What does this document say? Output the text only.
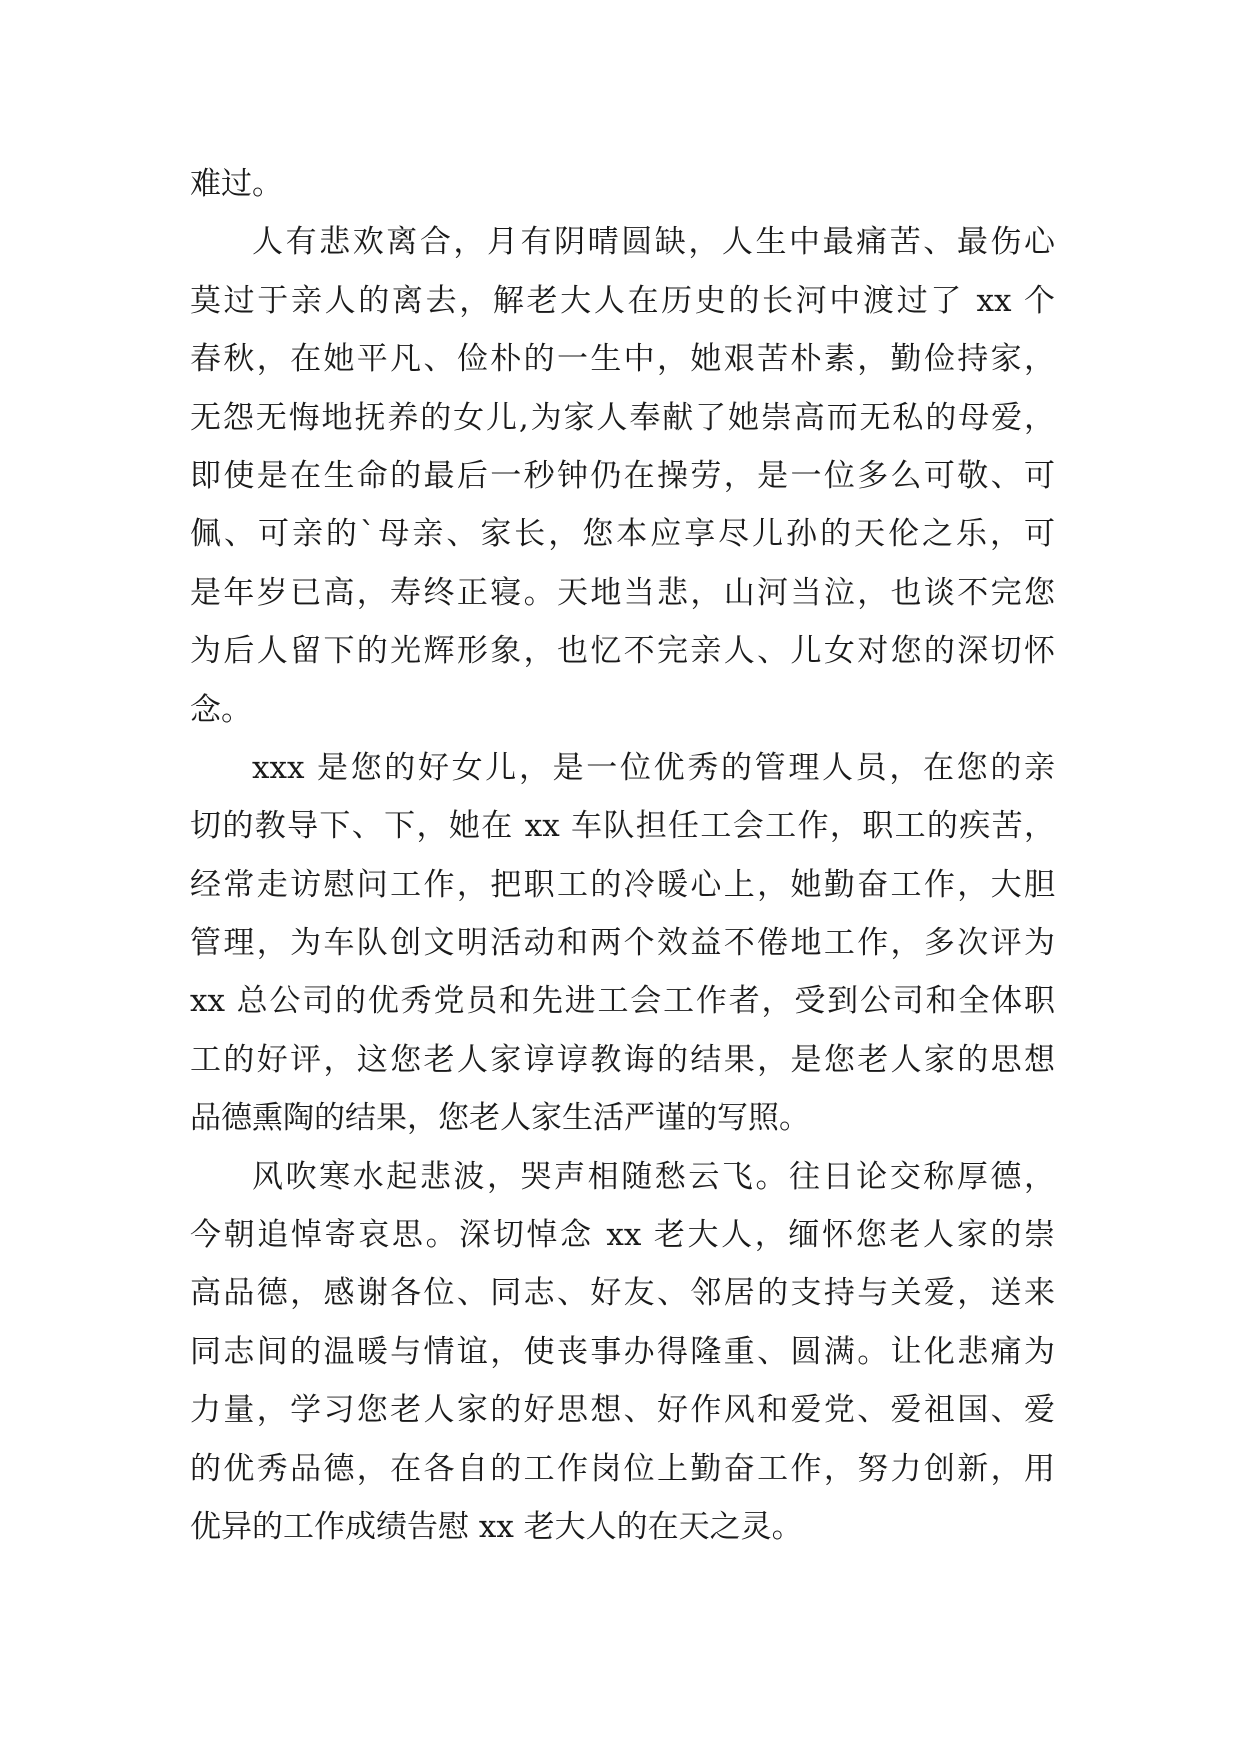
难过。
人有悲欢离合，月有阴晴圆缺，人生中最痛苦、最伤心
莫过于亲人的离去，解老大人在历史的长河中渡过了 xx 个
春秋，在她平凡、俭朴的一生中，她艰苦朴素，勤俭持家，
无怨无悔地抚养的女儿,为家人奉献了她崇高而无私的母爱，
即使是在生命的最后一秒钟仍在操劳，是一位多么可敬、可
佩、可亲的`母亲、家长，您本应享尽儿孙的天伦之乐，可
是年岁已高，寿终正寝。天地当悲，山河当泣，也谈不完您
为后人留下的光辉形象，也忆不完亲人、儿女对您的深切怀
念。
xxx 是您的好女儿，是一位优秀的管理人员，在您的亲
切的教导下、下，她在 xx 车队担任工会工作，职工的疾苦，
经常走访慰问工作，把职工的冷暖心上，她勤奋工作，大胆
管理，为车队创文明活动和两个效益不倦地工作，多次评为
xx 总公司的优秀党员和先进工会工作者，受到公司和全体职
工的好评，这您老人家谆谆教诲的结果，是您老人家的思想
品德熏陶的结果，您老人家生活严谨的写照。
风吹寒水起悲波，哭声相随愁云飞。往日论交称厚德，
今朝追悼寄哀思。深切悼念 xx 老大人，缅怀您老人家的崇
高品德，感谢各位、同志、好友、邻居的支持与关爱，送来
同志间的温暖与情谊，使丧事办得隆重、圆满。让化悲痛为
力量，学习您老人家的好思想、好作风和爱党、爱祖国、爱
的优秀品德，在各自的工作岗位上勤奋工作，努力创新，用
优异的工作成绩告慰 xx 老大人的在天之灵。
